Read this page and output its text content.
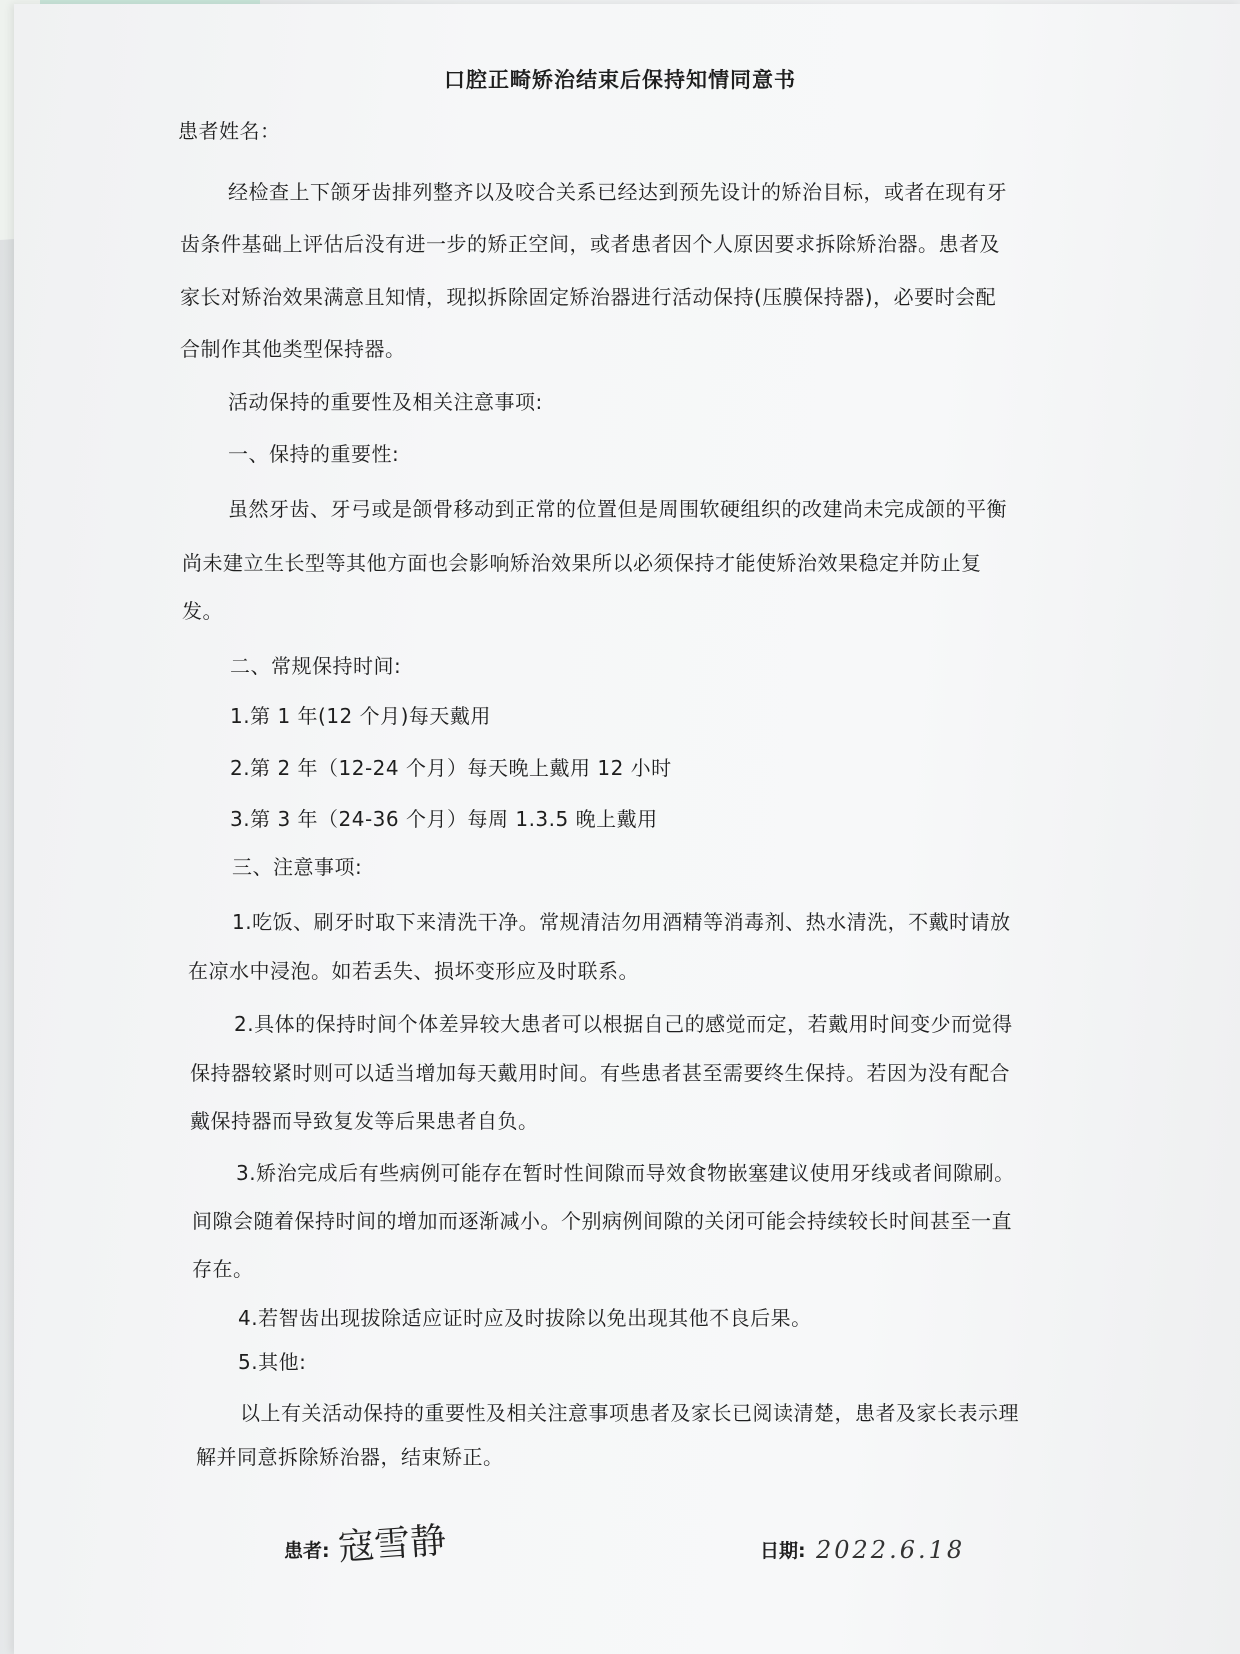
口腔正畸矫治结束后保持知情同意书
患者姓名：
经检查上下颌牙齿排列整齐以及咬合关系已经达到预先设计的矫治目标，或者在现有牙
齿条件基础上评估后没有进一步的矫正空间，或者患者因个人原因要求拆除矫治器。患者及
家长对矫治效果满意且知情，现拟拆除固定矫治器进行活动保持(压膜保持器)，必要时会配
合制作其他类型保持器。
活动保持的重要性及相关注意事项:
一、保持的重要性:
虽然牙齿、牙弓或是颌骨移动到正常的位置但是周围软硬组织的改建尚未完成颌的平衡
尚未建立生长型等其他方面也会影响矫治效果所以必须保持才能使矫治效果稳定并防止复
发。
二、常规保持时间:
1.第 1 年(12 个月)每天戴用
2.第 2 年（12-24 个月）每天晚上戴用 12 小时
3.第 3 年（24-36 个月）每周 1.3.5 晚上戴用
三、注意事项:
1.吃饭、刷牙时取下来清洗干净。常规清洁勿用酒精等消毒剂、热水清洗，不戴时请放
在凉水中浸泡。如若丢失、损坏变形应及时联系。
2.具体的保持时间个体差异较大患者可以根据自己的感觉而定，若戴用时间变少而觉得
保持器较紧时则可以适当增加每天戴用时间。有些患者甚至需要终生保持。若因为没有配合
戴保持器而导致复发等后果患者自负。
3.矫治完成后有些病例可能存在暂时性间隙而导效食物嵌塞建议使用牙线或者间隙刷。
间隙会随着保持时间的增加而逐渐减小。个别病例间隙的关闭可能会持续较长时间甚至一直
存在。
4.若智齿出现拔除适应证时应及时拔除以免出现其他不良后果。
5.其他:
以上有关活动保持的重要性及相关注意事项患者及家长已阅读清楚，患者及家长表示理
解并同意拆除矫治器，结束矫正。
患者: 寇雪静	日期: 2022.6.18
